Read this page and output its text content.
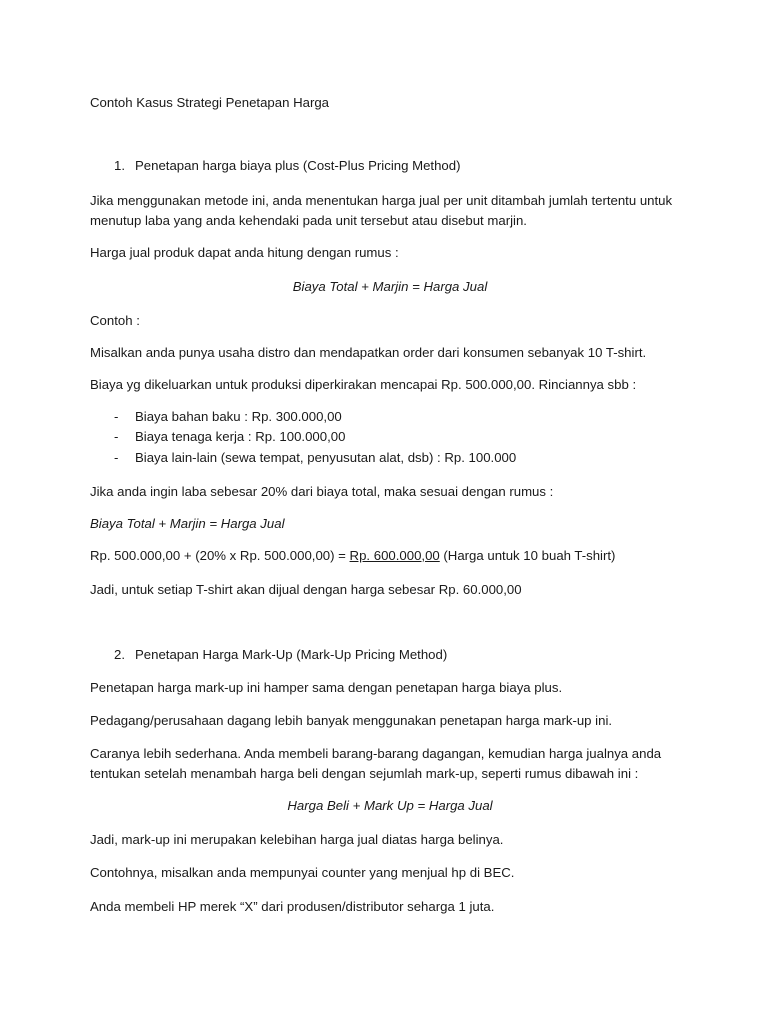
Contoh Kasus Strategi Penetapan Harga
1. Penetapan harga biaya plus (Cost-Plus Pricing Method)
Jika menggunakan metode ini, anda menentukan harga jual per unit ditambah jumlah tertentu untuk
menutup laba yang anda kehendaki pada unit tersebut atau disebut marjin.
Harga jual produk dapat anda hitung dengan rumus :
Biaya Total + Marjin = Harga Jual
Contoh :
Misalkan anda punya usaha distro dan mendapatkan order dari konsumen sebanyak 10 T-shirt.
Biaya yg dikeluarkan untuk produksi diperkirakan mencapai Rp. 500.000,00. Rinciannya sbb :
- Biaya bahan baku : Rp. 300.000,00
- Biaya tenaga kerja : Rp. 100.000,00
- Biaya lain-lain (sewa tempat, penyusutan alat, dsb) : Rp. 100.000
Jika anda ingin laba sebesar 20% dari biaya total, maka sesuai dengan rumus :
Biaya Total + Marjin = Harga Jual
Rp. 500.000,00 + (20% x Rp. 500.000,00) = Rp. 600.000,00 (Harga untuk 10 buah T-shirt)
Jadi, untuk setiap T-shirt akan dijual dengan harga sebesar Rp. 60.000,00
2. Penetapan Harga Mark-Up (Mark-Up Pricing Method)
Penetapan harga mark-up ini hamper sama dengan penetapan harga biaya plus.
Pedagang/perusahaan dagang lebih banyak menggunakan penetapan harga mark-up ini.
Caranya lebih sederhana. Anda membeli barang-barang dagangan, kemudian harga jualnya anda
tentukan setelah menambah harga beli dengan sejumlah mark-up, seperti rumus dibawah ini :
Harga Beli + Mark Up = Harga Jual
Jadi, mark-up ini merupakan kelebihan harga jual diatas harga belinya.
Contohnya, misalkan anda mempunyai counter yang menjual hp di BEC.
Anda membeli HP merek “X” dari produsen/distributor seharga 1 juta.
